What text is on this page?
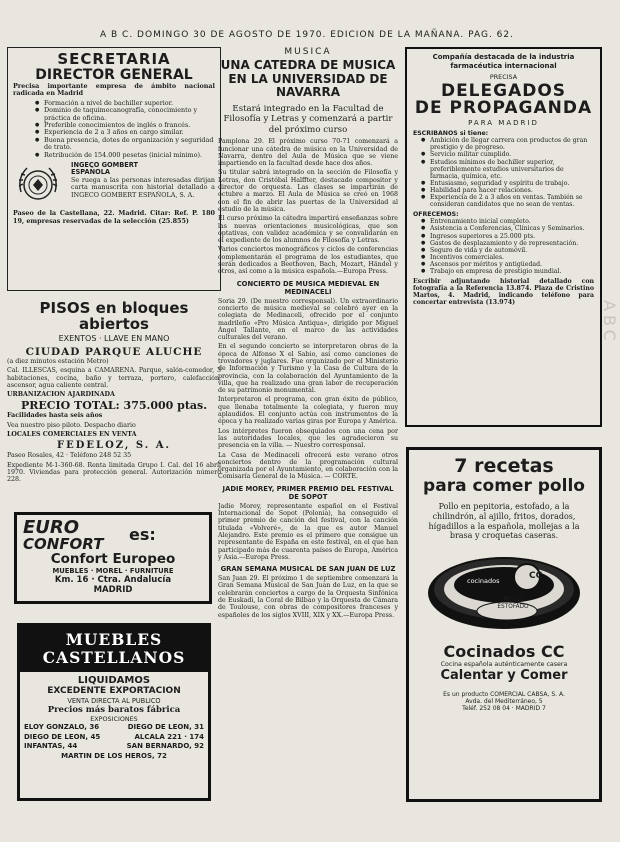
A B C. DOMINGO 30 DE AGOSTO DE 1970. EDICION DE LA MAÑANA. PAG. 62.
SECRETARIA
DIRECTOR GENERAL

Precisa importante empresa de ámbito nacional radicada en Madrid

● Formación a nivel de bachiller superior.
● Dominio de taquimecanografía, conocimiento y práctica de oficina.
● Preferible conocimientos de inglés o francés.
● Experiencia de 2 a 3 años en cargo similar.
● Buena presencia, dotes de organización y seguridad de trato.
● Retribución de 154.000 pesetas (inicial mínimo).
INGECO GOMBERT
ESPAÑOLA

Se ruega a las personas interesadas dirijan carta manuscrita con historial detallado a INGECO GOMBERT ESPAÑOLA, S. A.

Paseo de la Castellana, 22. Madrid. Citar: Ref. P. 180 19, empresas reservadas de la selección (25.855)

PISOS en bloques abiertos
EXENTOS · LLAVE EN MANO
CIUDAD PARQUE ALUCHE

(a diez minutos estación Metro)

Cal. ILLESCAS, esquina a CAMARENA. Parque, salón-comedor, 3 habitaciones, cocina, baño y terraza, portero, calefacción, ascensor, agua caliente central.

URBANIZACION AJARDINADA

PRECIO TOTAL: 375.000 ptas.

Facilidades hasta seis años

Vea nuestro piso piloto. Despacho diario

LOCALES COMERCIALES EN VENTA

FEDELOZ, S. A.

Paseo Rosales, 42 · Teléfono 248 52 35

Expediente M-1-360-68. Renta limitada Grupo I. Cal. del 16 abril 1970. Viviendas para protección general. Autorización número 228.

EURO
CONFORT	es:
Confort Europeo
MUEBLES · MOREL · FURNITURE
Km. 16 · Ctra. Andalucía
MADRID
MUEBLES CASTELLANOS
LIQUIDAMOS
EXCEDENTE EXPORTACION
VENTA DIRECTA AL PUBLICO
Precios más baratos fábrica
EXPOSICIONES
ELOY GONZALO, 36	DIEGO DE LEON, 31
DIEGO DE LEON, 45	ALCALA 221 · 174
INFANTAS, 44	SAN BERNARDO, 92
MARTIN DE LOS HEROS, 72
MUSICA
UNA CATEDRA DE MUSICA EN LA UNIVERSIDAD DE NAVARRA
Estará integrado en la Facultad de Filosofía y Letras y comenzará a partir del próximo curso

Pamplona 29. El próximo curso 70-71 comenzará a funcionar una cátedra de música en la Universidad de Navarra, dentro del Aula de Música que se viene impartiendo en la facultad desde hace dos años.

Su titular sabrá integrado en la sección de Filosofía y Letras, don Cristóbal Halffter, destacado compositor y director de orquesta. Las clases se impartirán de octubre a marzo. El Aula de Música se creó en 1968 con el fin de abrir las puertas de la Universidad al estudio de la música.

El curso próximo la cátedra impartirá enseñanzas sobre las nuevas orientaciones musicológicas, que son optativas, con validez académica y se convalidarán en el expediente de los alumnos de Filosofía y Letras.

Varios conciertos monográficos y ciclos de conferencias complementarán el programa de los estudiantes, que serán dedicados a Beethoven, Bach, Mozart, Händel y otros, así como a la música española.—Europa Press.

CONCIERTO DE MUSICA MEDIEVAL EN MEDINACELI

Soria 29. (De nuestro corresponsal). Un extraordinario concierto de música medieval se celebró ayer en la colegiata de Medinaceli, ofrecido por el conjunto madrileño «Pro Música Antiqua», dirigido por Miguel Ángel Tallante, en el marco de las actividades culturales del verano.

En el segundo concierto se interpretaron obras de la época de Alfonso X el Sabio, así como canciones de trovadores y juglares. Fue organizado por el Ministerio de Información y Turismo y la Casa de Cultura de la provincia, con la colaboración del Ayuntamiento de la villa, que ha realizado una gran labor de recuperación de su patrimonio monumental.

Interpretaron el programa, con gran éxito de público, que llenaba totalmente la colegiata, y fueron muy aplaudidos. El conjunto actúa con instrumentos de la época y ha realizado varias giras por Europa y América.

Los intérpretes fueron obsequiados con una cena por las autoridades locales, que les agradecieron su presencia en la villa. — Nuestro corresponsal.

La Casa de Medinaceli ofrecerá este verano otros conciertos dentro de la programación cultural organizada por el Ayuntamiento, en colaboración con la Comisaría General de la Música. — CORTE.

JADIE MOREY, PRIMER PREMIO DEL FESTIVAL DE SOPOT

Jadie Morey, representante español en el Festival Internacional de Sopot (Polonia), ha conseguido el primer premio de canción del festival, con la canción titulada «Volveré», de la que es autor Manuel Alejandro. Este premio es el primero que consigue un representante de España en este festival, en el que han participado más de cuarenta países de Europa, América y Asia.—Europa Press.

GRAN SEMANA MUSICAL DE SAN JUAN DE LUZ

San Juan 29. El próximo 1 de septiembre comenzará la Gran Semana Musical de San Juan de Luz, en la que se celebrarán conciertos a cargo de la Orquesta Sinfónica de Euskadi, la Coral de Bilbao y la Orquesta de Cámara de Toulouse, con obras de compositores franceses y españoles de los siglos XVIII, XIX y XX.—Europa Press.

Compañía destacada de la industria farmacéutica internacional
PRECISA
DELEGADOS
DE PROPAGANDA
PARA MADRID
ESCRIBANOS si tiene:
● Ambición de llegar carrera con productos de gran prestigio y de progreso.
● Servicio militar cumplido.
● Estudios mínimos de bachiller superior, preferiblemente estudios universitarios de farmacia, química, etc.
● Entusiasmo, seguridad y espíritu de trabajo.
● Habilidad para hacer relaciones.
● Experiencia de 2 a 3 años en ventas. También se consideran candidatos que no sean de ventas.
OFRECEMOS:
● Entrenamiento inicial completo.
● Asistencia a Conferencias, Clínicas y Seminarios.
● Ingresos superiores a 25.000 pts.
● Gastos de desplazamiento y de representación.
● Seguro de vida y de automóvil.
● Incentivos comerciales.
● Ascensos por méritos y antigüedad.
● Trabajo en empresa de prestigio mundial.

Escribir adjuntando historial detallado con fotografía a la Referencia 13.874. Plaza de Cristino Martos, 4. Madrid, indicando teléfono para concertar entrevista (13.974)

7 recetas
para comer pollo
Pollo en pepitoria, estofado, a la chilindrón, al ajillo, fritos, dorados, hígadillos a la española, mollejas a la brasa y croquetas caseras.
cocinados	CC
POLLO
ESTOFADO
Cocinados CC
Cocina española auténticamente casera
Calentar y Comer
Es un producto COMERCIAL CABSA, S. A.
Avda. del Mediterráneo, 5
Teléf. 252 08 04 · MADRID 7
ABC
